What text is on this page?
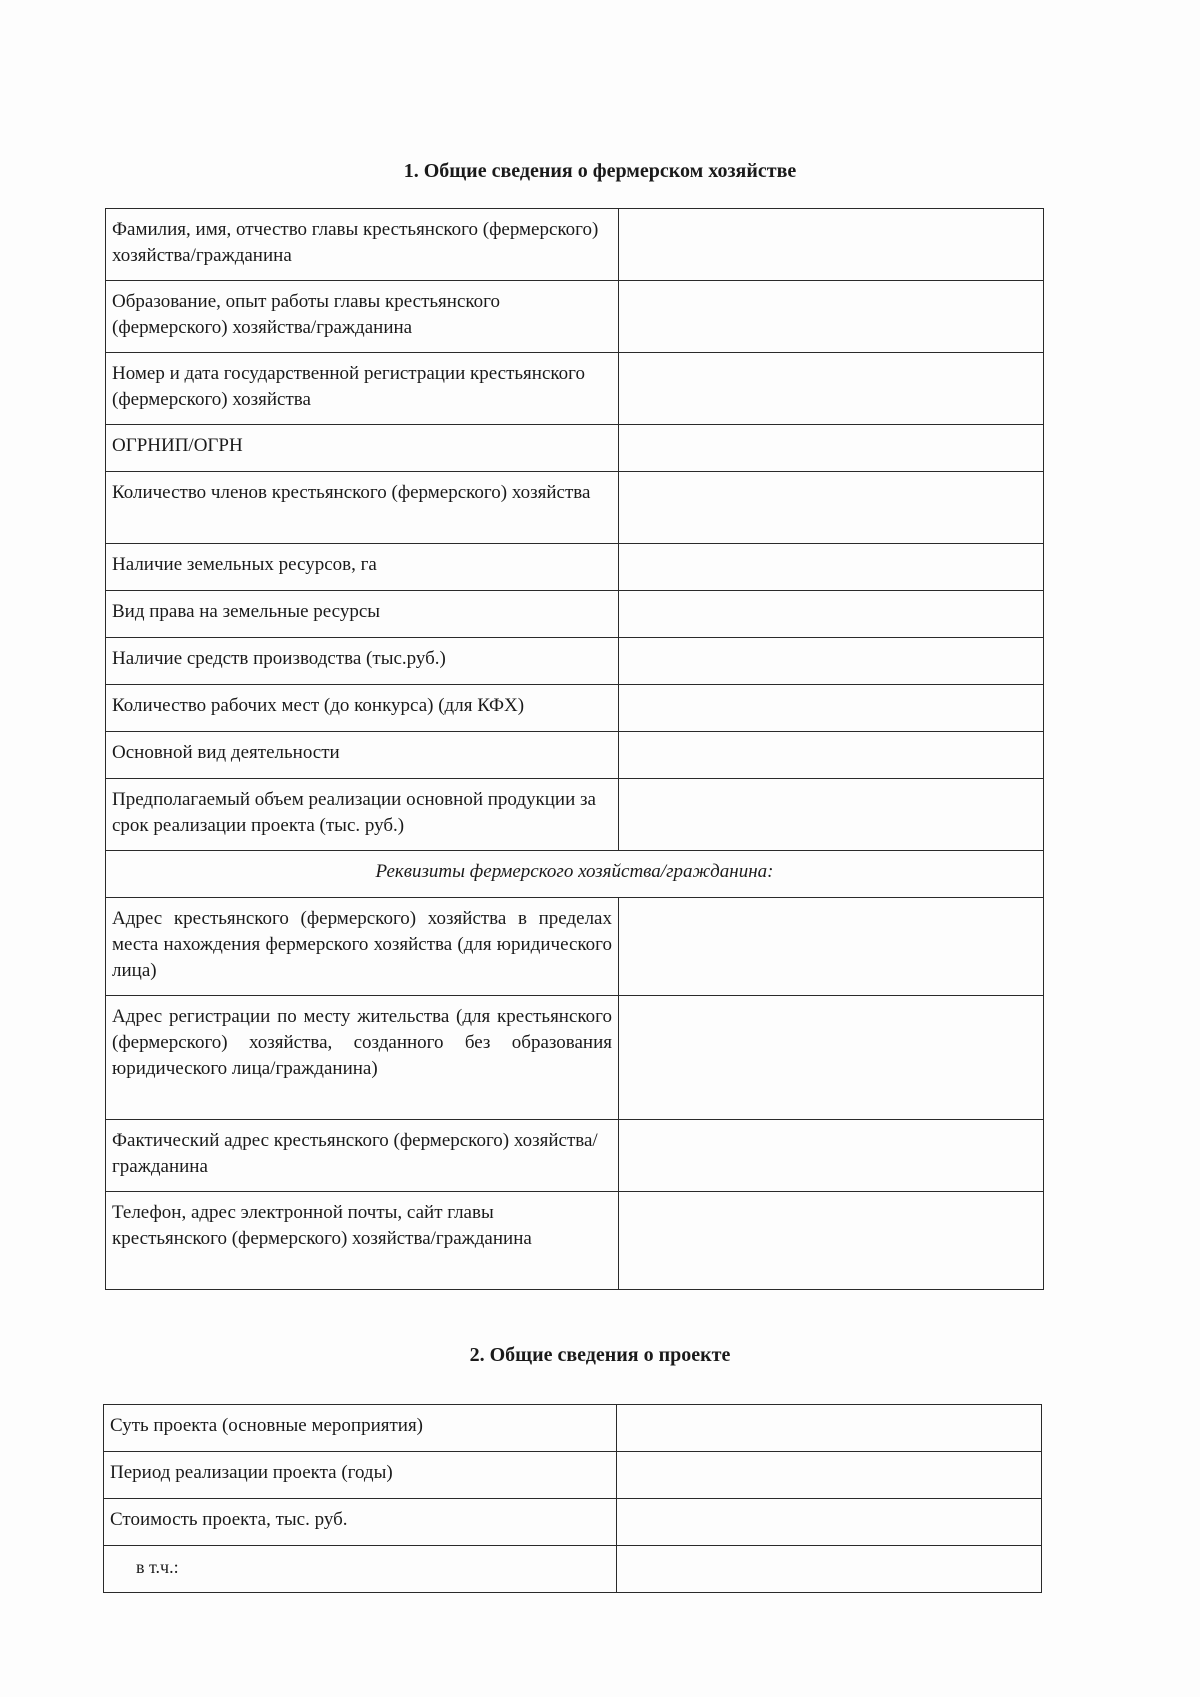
1. Общие сведения о фермерском хозяйстве
Фамилия, имя, отчество главы крестьянского (фермерского) хозяйства/гражданина	
Образование, опыт работы главы крестьянского (фермерского) хозяйства/гражданина	
Номер и дата государственной регистрации крестьянского (фермерского) хозяйства	
ОГРНИП/ОГРН	
Количество членов крестьянского (фермерского) хозяйства	
Наличие земельных ресурсов, га	
Вид права на земельные ресурсы	
Наличие средств производства (тыс.руб.)	
Количество рабочих мест (до конкурса) (для КФХ)	
Основной вид деятельности	
Предполагаемый объем реализации основной продукции за срок реализации проекта (тыс. руб.)	
Реквизиты фермерского хозяйства/гражданина:	
Адрес крестьянского (фермерского) хозяйства в пределах места нахождения фермерского хозяйства (для юридического лица)	
Адрес регистрации по месту жительства (для крестьянского (фермерского) хозяйства, созданного без образования юридического лица/гражданина)	
Фактический адрес крестьянского (фермерского) хозяйства/гражданина	
Телефон, адрес электронной почты, сайт главы крестьянского (фермерского) хозяйства/гражданина	
2. Общие сведения о проекте
Суть проекта (основные мероприятия)	
Период реализации проекта (годы)	
Стоимость проекта, тыс. руб.	
в т.ч.:	
